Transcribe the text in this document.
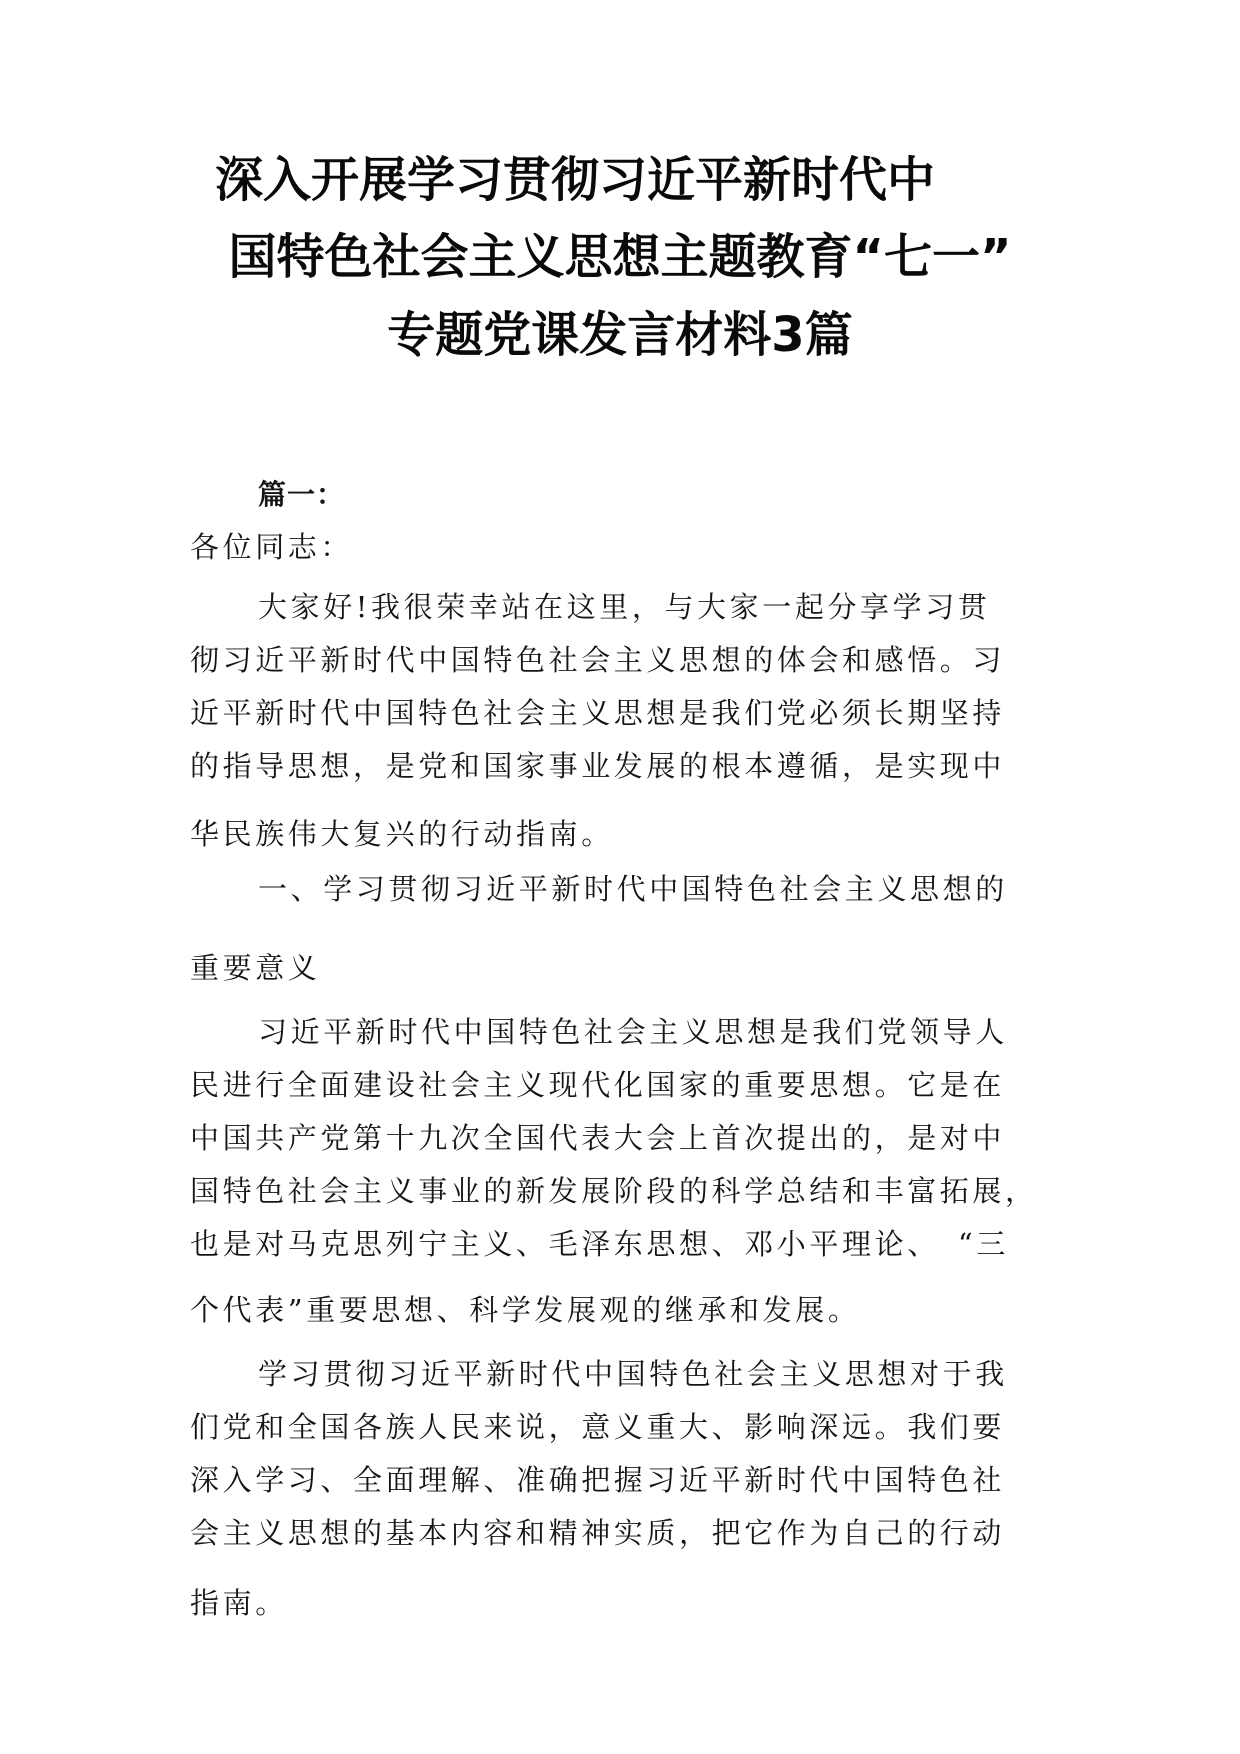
深入开展学习贯彻习近平新时代中
国特色社会主义思想主题教育“七一”
专题党课发言材料3篇

篇一：

各位同志：

大家好!我很荣幸站在这里，与大家一起分享学习贯

彻习近平新时代中国特色社会主义思想的体会和感悟。习

近平新时代中国特色社会主义思想是我们党必须长期坚持

的指导思想，是党和国家事业发展的根本遵循，是实现中

华民族伟大复兴的行动指南。

一、学习贯彻习近平新时代中国特色社会主义思想的

重要意义

习近平新时代中国特色社会主义思想是我们党领导人

民进行全面建设社会主义现代化国家的重要思想。它是在

中国共产党第十九次全国代表大会上首次提出的，是对中

国特色社会主义事业的新发展阶段的科学总结和丰富拓展，

也是对马克思列宁主义、毛泽东思想、邓小平理论、　“三

个代表”重要思想、科学发展观的继承和发展。

学习贯彻习近平新时代中国特色社会主义思想对于我

们党和全国各族人民来说，意义重大、影响深远。我们要

深入学习、全面理解、准确把握习近平新时代中国特色社

会主义思想的基本内容和精神实质，把它作为自己的行动

指南。
